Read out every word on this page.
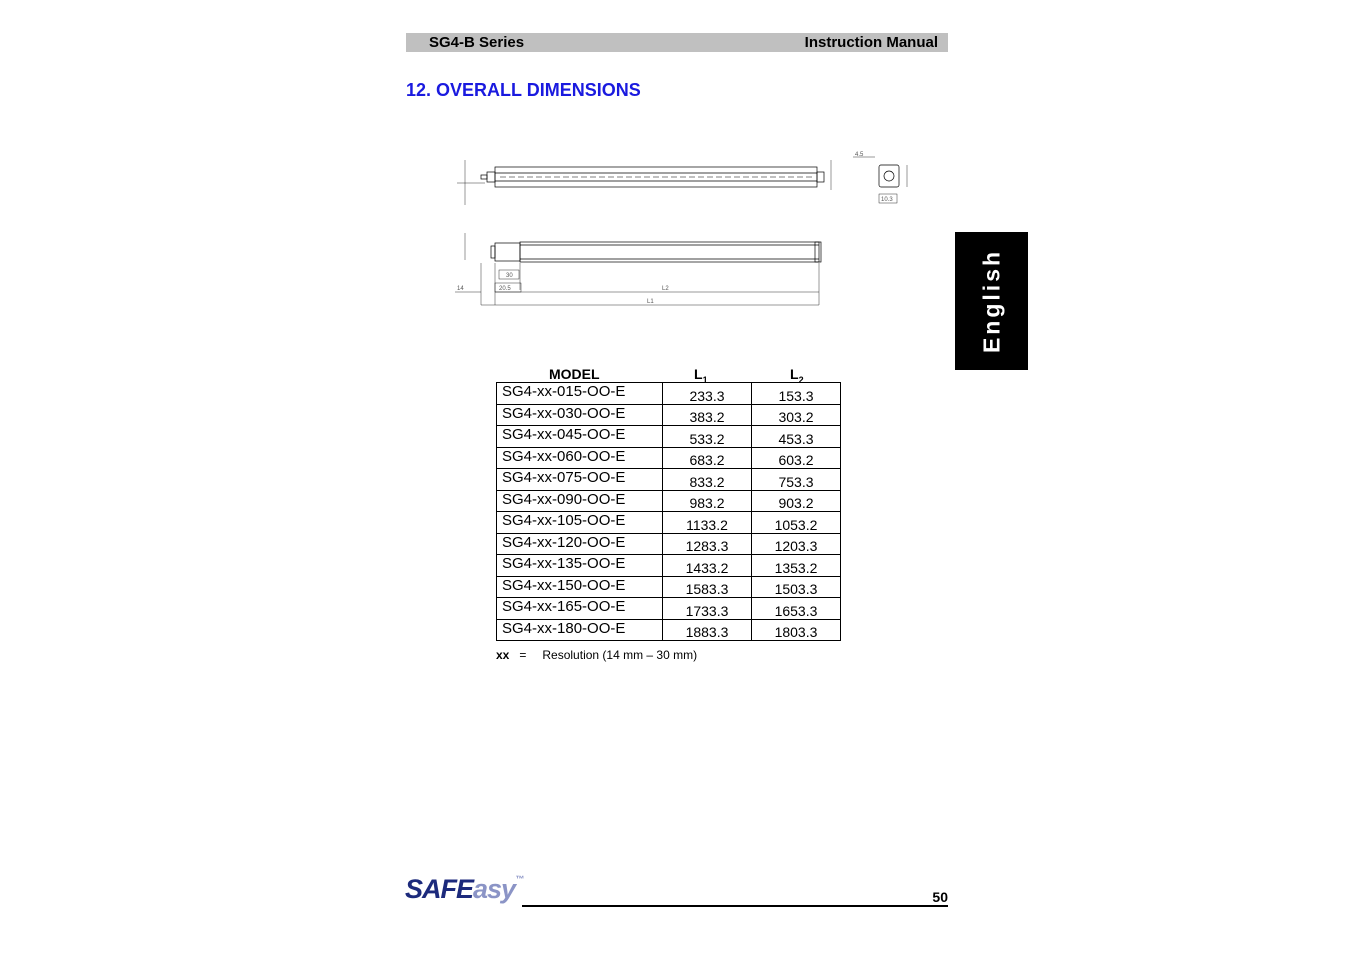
SG4-B Series	Instruction Manual
12. OVERALL DIMENSIONS
English
30
20.5	L2
14
L1
4.5
10.3
MODEL	$L_1$	$L_2$
SG4-xx-015-OO-E	233.3	153.3
SG4-xx-030-OO-E	383.2	303.2
SG4-xx-045-OO-E	533.2	453.3
SG4-xx-060-OO-E	683.2	603.2
SG4-xx-075-OO-E	833.2	753.3
SG4-xx-090-OO-E	983.2	903.2
SG4-xx-105-OO-E	1133.2	1053.2
SG4-xx-120-OO-E	1283.3	1203.3
SG4-xx-135-OO-E	1433.2	1353.2
SG4-xx-150-OO-E	1583.3	1503.3
SG4-xx-165-OO-E	1733.3	1653.3
SG4-xx-180-OO-E	1883.3	1803.3
xx = Resolution (14 mm – 30 mm)
SAFEasy™
50
